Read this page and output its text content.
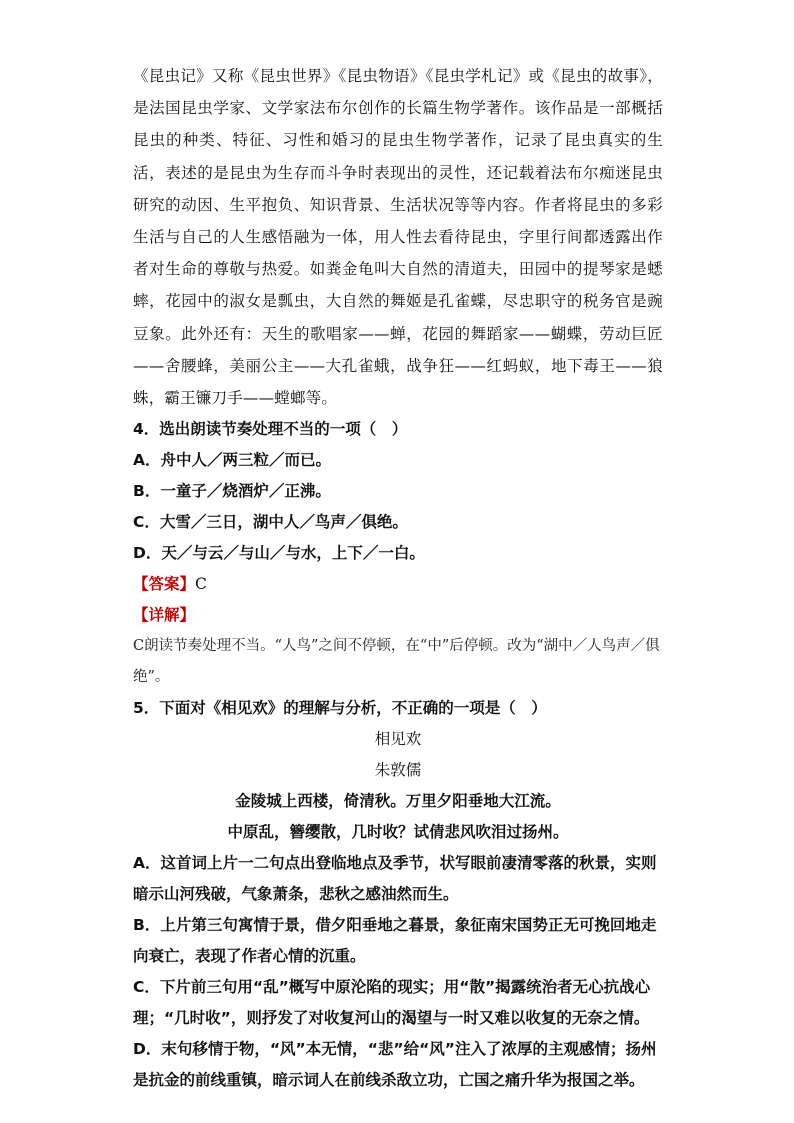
《昆虫记》又称《昆虫世界》《昆虫物语》《昆虫学札记》或《昆虫的故事》，是法国昆虫学家、文学家法布尔创作的长篇生物学著作。该作品是一部概括昆虫的种类、特征、习性和婚习的昆虫生物学著作，记录了昆虫真实的生活，表述的是昆虫为生存而斗争时表现出的灵性，还记载着法布尔痴迷昆虫研究的动因、生平抱负、知识背景、生活状况等等内容。作者将昆虫的多彩生活与自己的人生感悟融为一体，用人性去看待昆虫，字里行间都透露出作者对生命的尊敬与热爱。如粪金龟叫大自然的清道夫，田园中的提琴家是蟋蟀，花园中的淑女是瓢虫，大自然的舞姬是孔雀蝶，尽忠职守的税务官是豌豆象。此外还有：天生的歌唱家——蝉，花园的舞蹈家——蝴蝶，劳动巨匠——舍腰蜂，美丽公主——大孔雀蛾，战争狂——红蚂蚁，地下毒王——狼蛛，霸王镰刀手——螳螂等。

4．选出朗读节奏处理不当的一项（　）

A．舟中人／两三粒／而已。

B．一童子／烧酒炉／正沸。

C．大雪／三日，湖中人／鸟声／俱绝。

D．天／与云／与山／与水，上下／一白。

【答案】C

【详解】

C朗读节奏处理不当。“人鸟”之间不停顿，在“中”后停顿。改为“湖中／人鸟声／俱绝”。

5．下面对《相见欢》的理解与分析，不正确的一项是（　）

相见欢

朱敦儒

金陵城上西楼，倚清秋。万里夕阳垂地大江流。

中原乱，簪缨散，几时收？试倩悲风吹泪过扬州。

A．这首词上片一二句点出登临地点及季节，状写眼前凄清零落的秋景，实则暗示山河残破，气象萧条，悲秋之感油然而生。

B．上片第三句寓情于景，借夕阳垂地之暮景，象征南宋国势正无可挽回地走向衰亡，表现了作者心情的沉重。

C．下片前三句用“乱”概写中原沦陷的现实；用“散”揭露统治者无心抗战心理；“几时收”，则抒发了对收复河山的渴望与一时又难以收复的无奈之情。

D．末句移情于物，“风”本无情，“悲”给“风”注入了浓厚的主观感情；扬州是抗金的前线重镇，暗示词人在前线杀敌立功，亡国之痛升华为报国之举。
